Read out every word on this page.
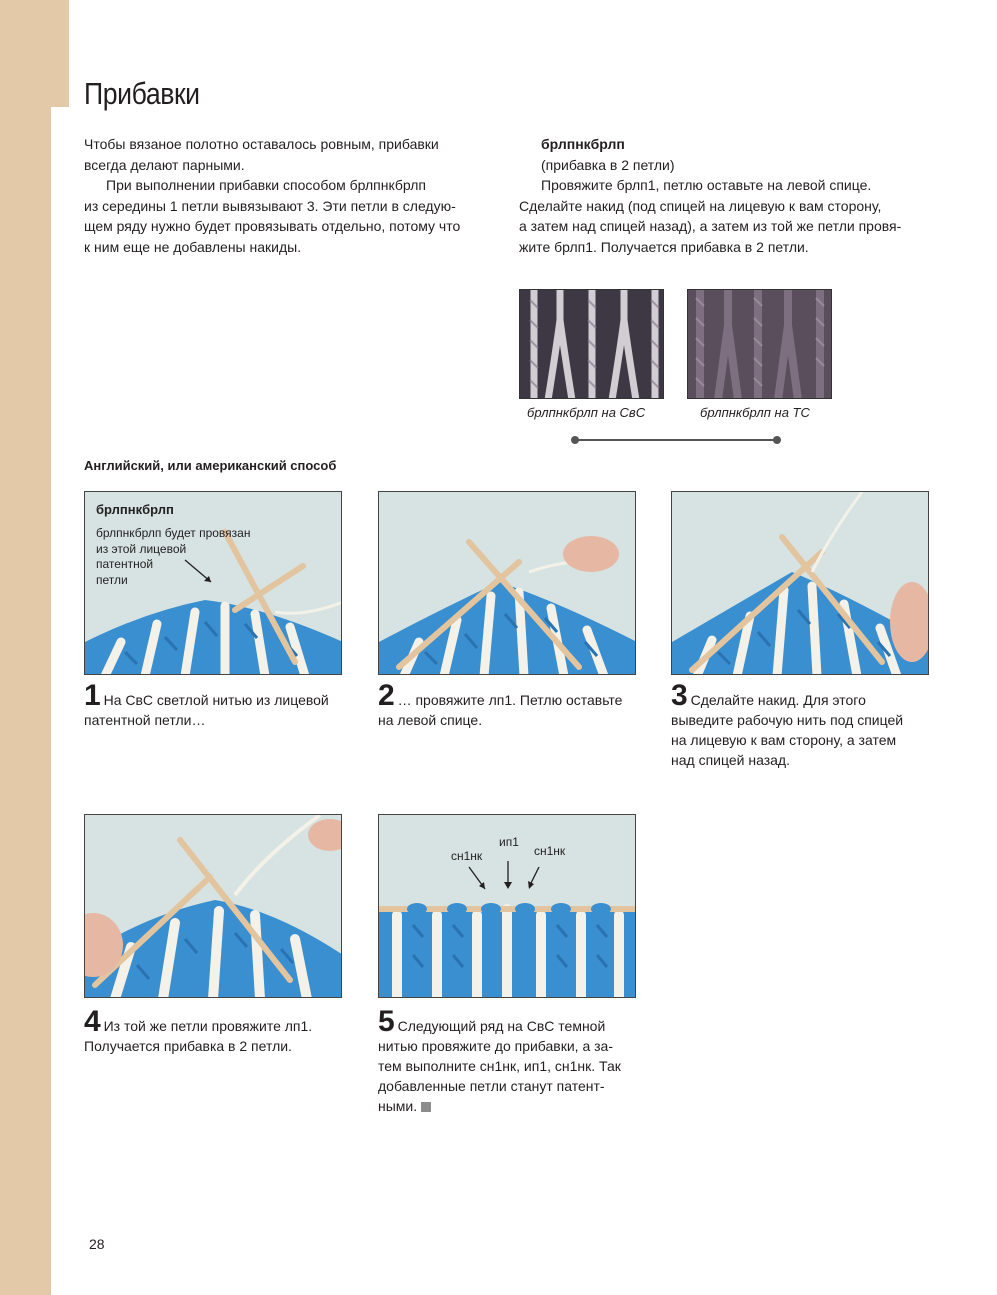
Прибавки

Чтобы вязаное полотно оставалось ровным, прибавки

всегда делают парными.

При выполнении прибавки способом брлпнкбрлп

из середины 1 петли вывязывают 3. Эти петли в следую-

щем ряду нужно будет провязывать отдельно, потому что

к ним еще не добавлены накиды.

брлпнкбрлп

(прибавка в 2 петли)

Провяжите брлп1, петлю оставьте на левой спице.

Сделайте накид (под спицей на лицевую к вам сторону,

а затем над спицей назад), а затем из той же петли провя-

жите брлп1. Получается прибавка в 2 петли.

брлпнкбрлп на СвС	брлпнкбрлп на ТС
Английский, или американский способ
брлпнкбрлп
брлпнкбрлп будет провязан
из этой лицевой
патентной
петли
1 На СвС светлой нитью из лицевой
патентной петли…
2 … провяжите лп1. Петлю оставьте
на левой спице.
3 Сделайте накид. Для этого
выведите рабочую нить под спицей
на лицевую к вам сторону, а затем
над спицей назад.
сн1нк
ип1
сн1нк
4 Из той же петли провяжите лп1.
Получается прибавка в 2 петли.
5 Следующий ряд на СвС темной
нитью провяжите до прибавки, а за-
тем выполните сн1нк, ип1, сн1нк. Так
добавленные петли станут патент-
ными.
28
